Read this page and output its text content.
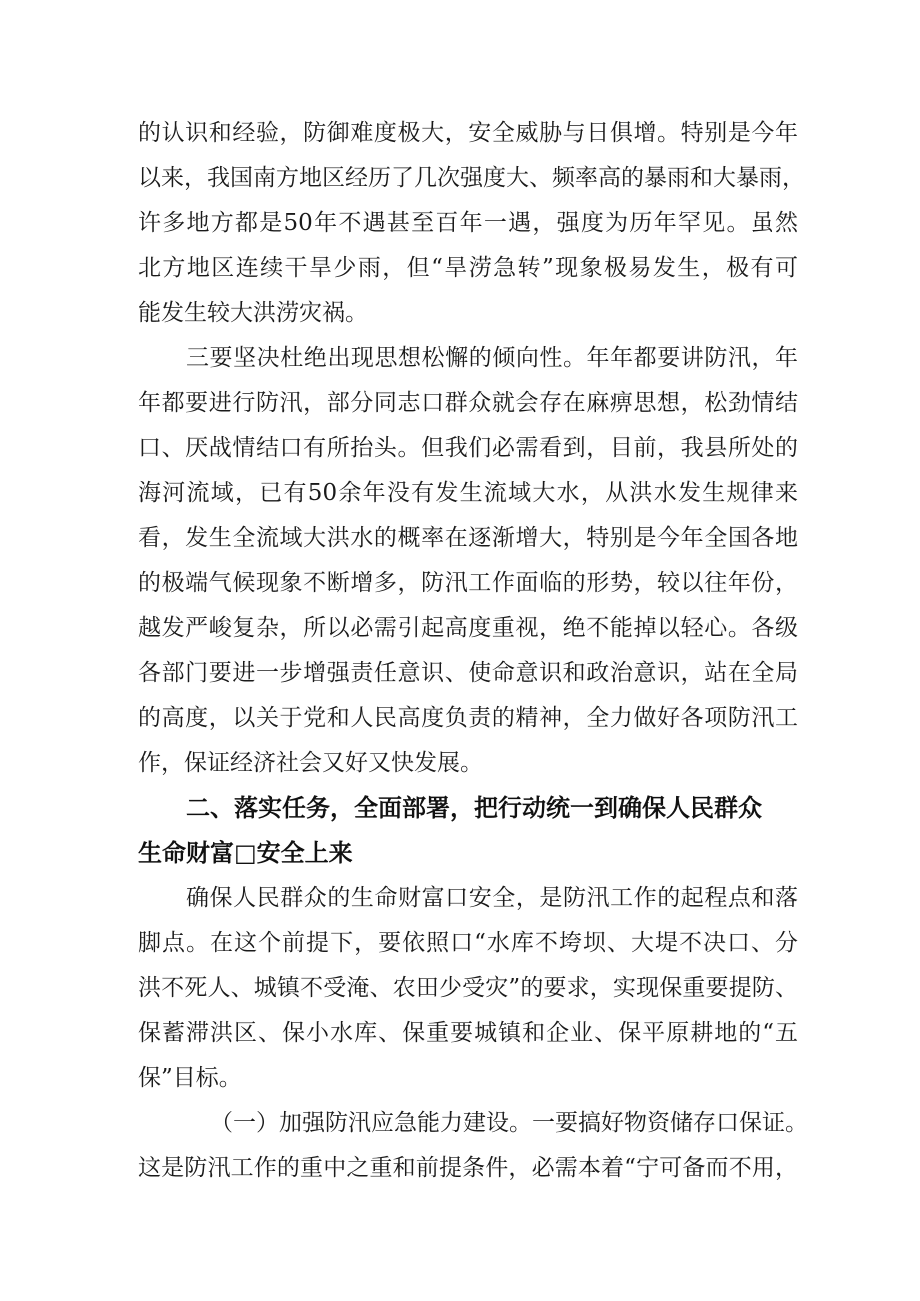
的认识和经验，防御难度极大，安全威胁与日俱增。特别是今年
以来，我国南方地区经历了几次强度大、频率高的暴雨和大暴雨，
许多地方都是50年不遇甚至百年一遇，强度为历年罕见。虽然
北方地区连续干旱少雨，但“旱涝急转”现象极易发生，极有可
能发生较大洪涝灾祸。
三要坚决杜绝出现思想松懈的倾向性。年年都要讲防汛，年
年都要进行防汛，部分同志口群众就会存在麻痹思想，松劲情结
口、厌战情结口有所抬头。但我们必需看到，目前，我县所处的
海河流域，已有50余年没有发生流域大水，从洪水发生规律来
看，发生全流域大洪水的概率在逐渐增大，特别是今年全国各地
的极端气候现象不断增多，防汛工作面临的形势，较以往年份，
越发严峻复杂，所以必需引起高度重视，绝不能掉以轻心。各级
各部门要进一步增强责任意识、使命意识和政治意识，站在全局
的高度，以关于党和人民高度负责的精神，全力做好各项防汛工
作，保证经济社会又好又快发展。
二、落实任务，全面部署，把行动统一到确保人民群众
生命财富□安全上来
确保人民群众的生命财富口安全，是防汛工作的起程点和落
脚点。在这个前提下，要依照口“水库不垮坝、大堤不决口、分
洪不死人、城镇不受淹、农田少受灾”的要求，实现保重要提防、
保蓄滞洪区、保小水库、保重要城镇和企业、保平原耕地的“五
保”目标。
（一）加强防汛应急能力建设。一要搞好物资储存口保证。
这是防汛工作的重中之重和前提条件，必需本着“宁可备而不用，
